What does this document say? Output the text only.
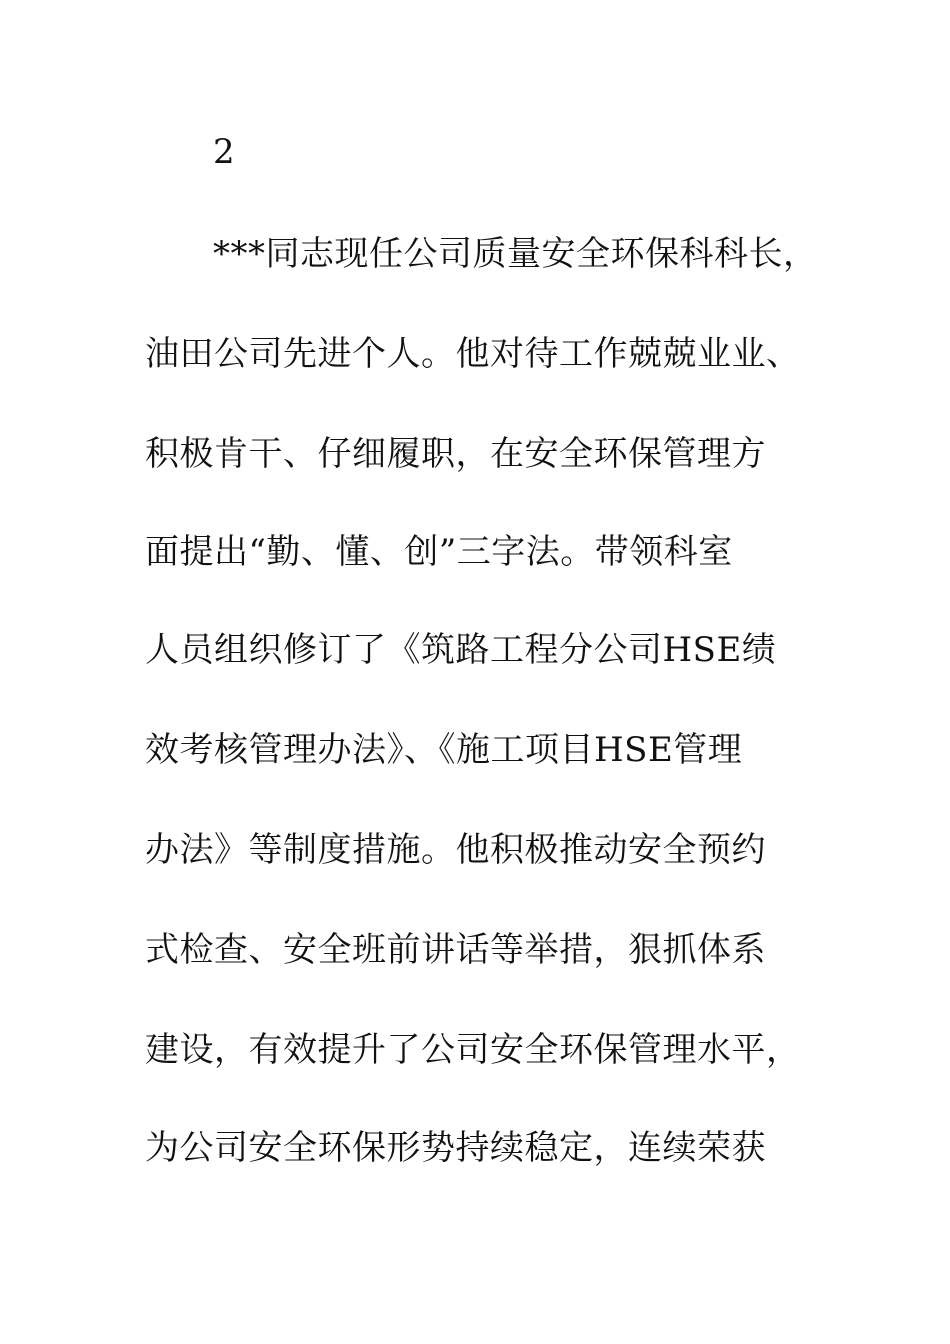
2
***同志现任公司质量安全环保科科长，
油田公司先进个人。他对待工作兢兢业业、
积极肯干、仔细履职，在安全环保管理方
面提出“勤、懂、创”三字法。带领科室
人员组织修订了《筑路工程分公司HSE绩
效考核管理办法》、《施工项目HSE管理
办法》等制度措施。他积极推动安全预约
式检查、安全班前讲话等举措，狠抓体系
建设，有效提升了公司安全环保管理水平，
为公司安全环保形势持续稳定，连续荣获
